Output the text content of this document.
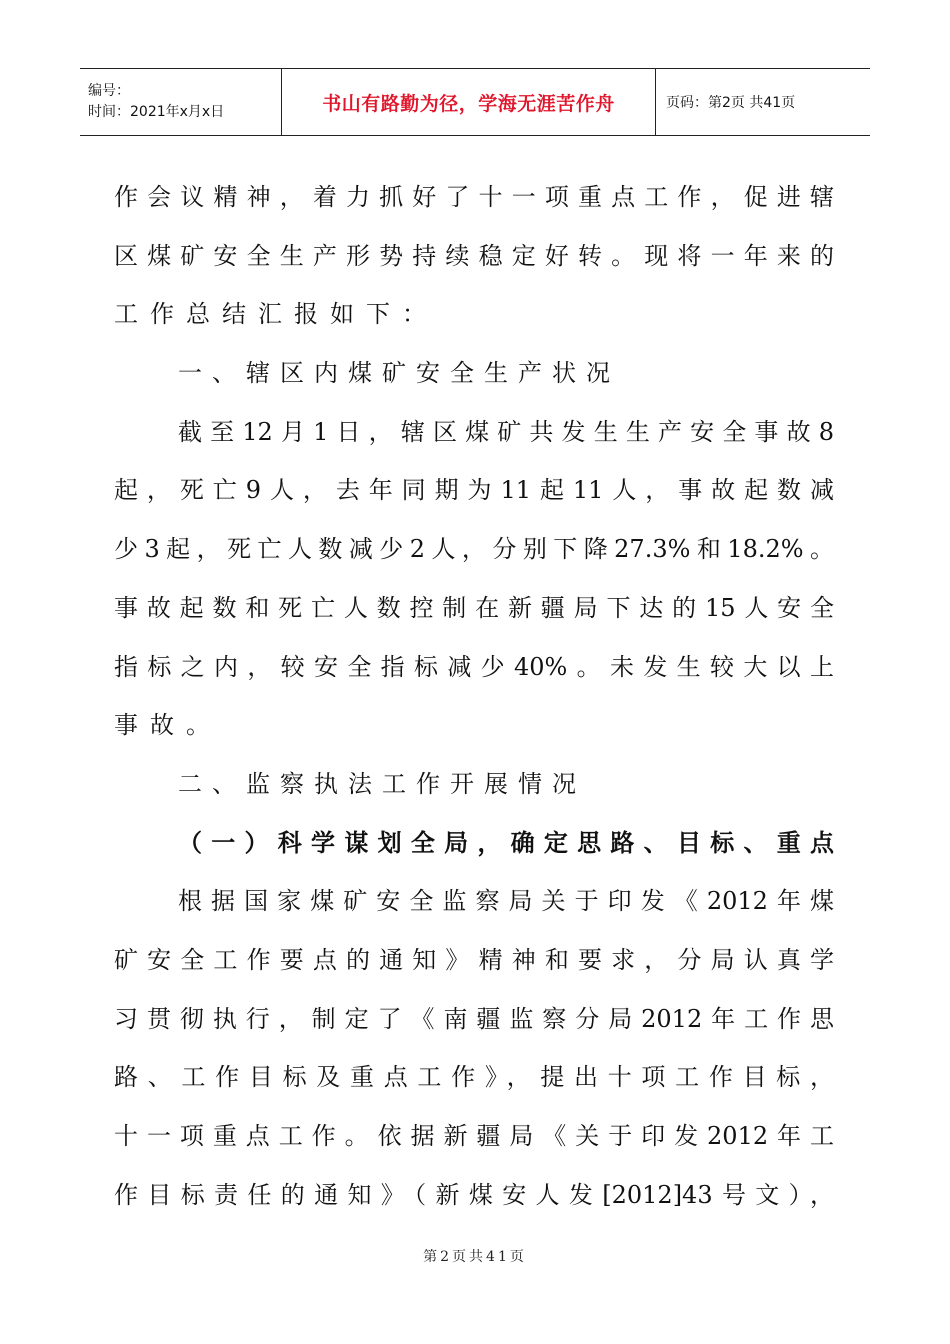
编号：
时间：2021年x月x日	书山有路勤为径，学海无涯苦作舟	页码：第2页 共41页
作会议精神，着力抓好了十一项重点工作，促进辖
区煤矿安全生产形势持续稳定好转。现将一年来的
工作总结汇报如下：
一、辖区内煤矿安全生产状况
截至12月1日，辖区煤矿共发生生产安全事故8
起，死亡9人，去年同期为11起11人，事故起数减
少3起，死亡人数减少2人，分别下降27.3%和18.2%。
事故起数和死亡人数控制在新疆局下达的15人安全
指标之内，较安全指标减少40%。未发生较大以上
事故。
二、监察执法工作开展情况
（一）科学谋划全局，确定思路、目标、重点
根据国家煤矿安全监察局关于印发《2012年煤
矿安全工作要点的通知》精神和要求，分局认真学
习贯彻执行，制定了《南疆监察分局2012年工作思
路、工作目标及重点工作》，提出十项工作目标，
十一项重点工作。依据新疆局《关于印发2012年工
作目标责任的通知》（新煤安人发[2012]43号文），
第2页共41页
